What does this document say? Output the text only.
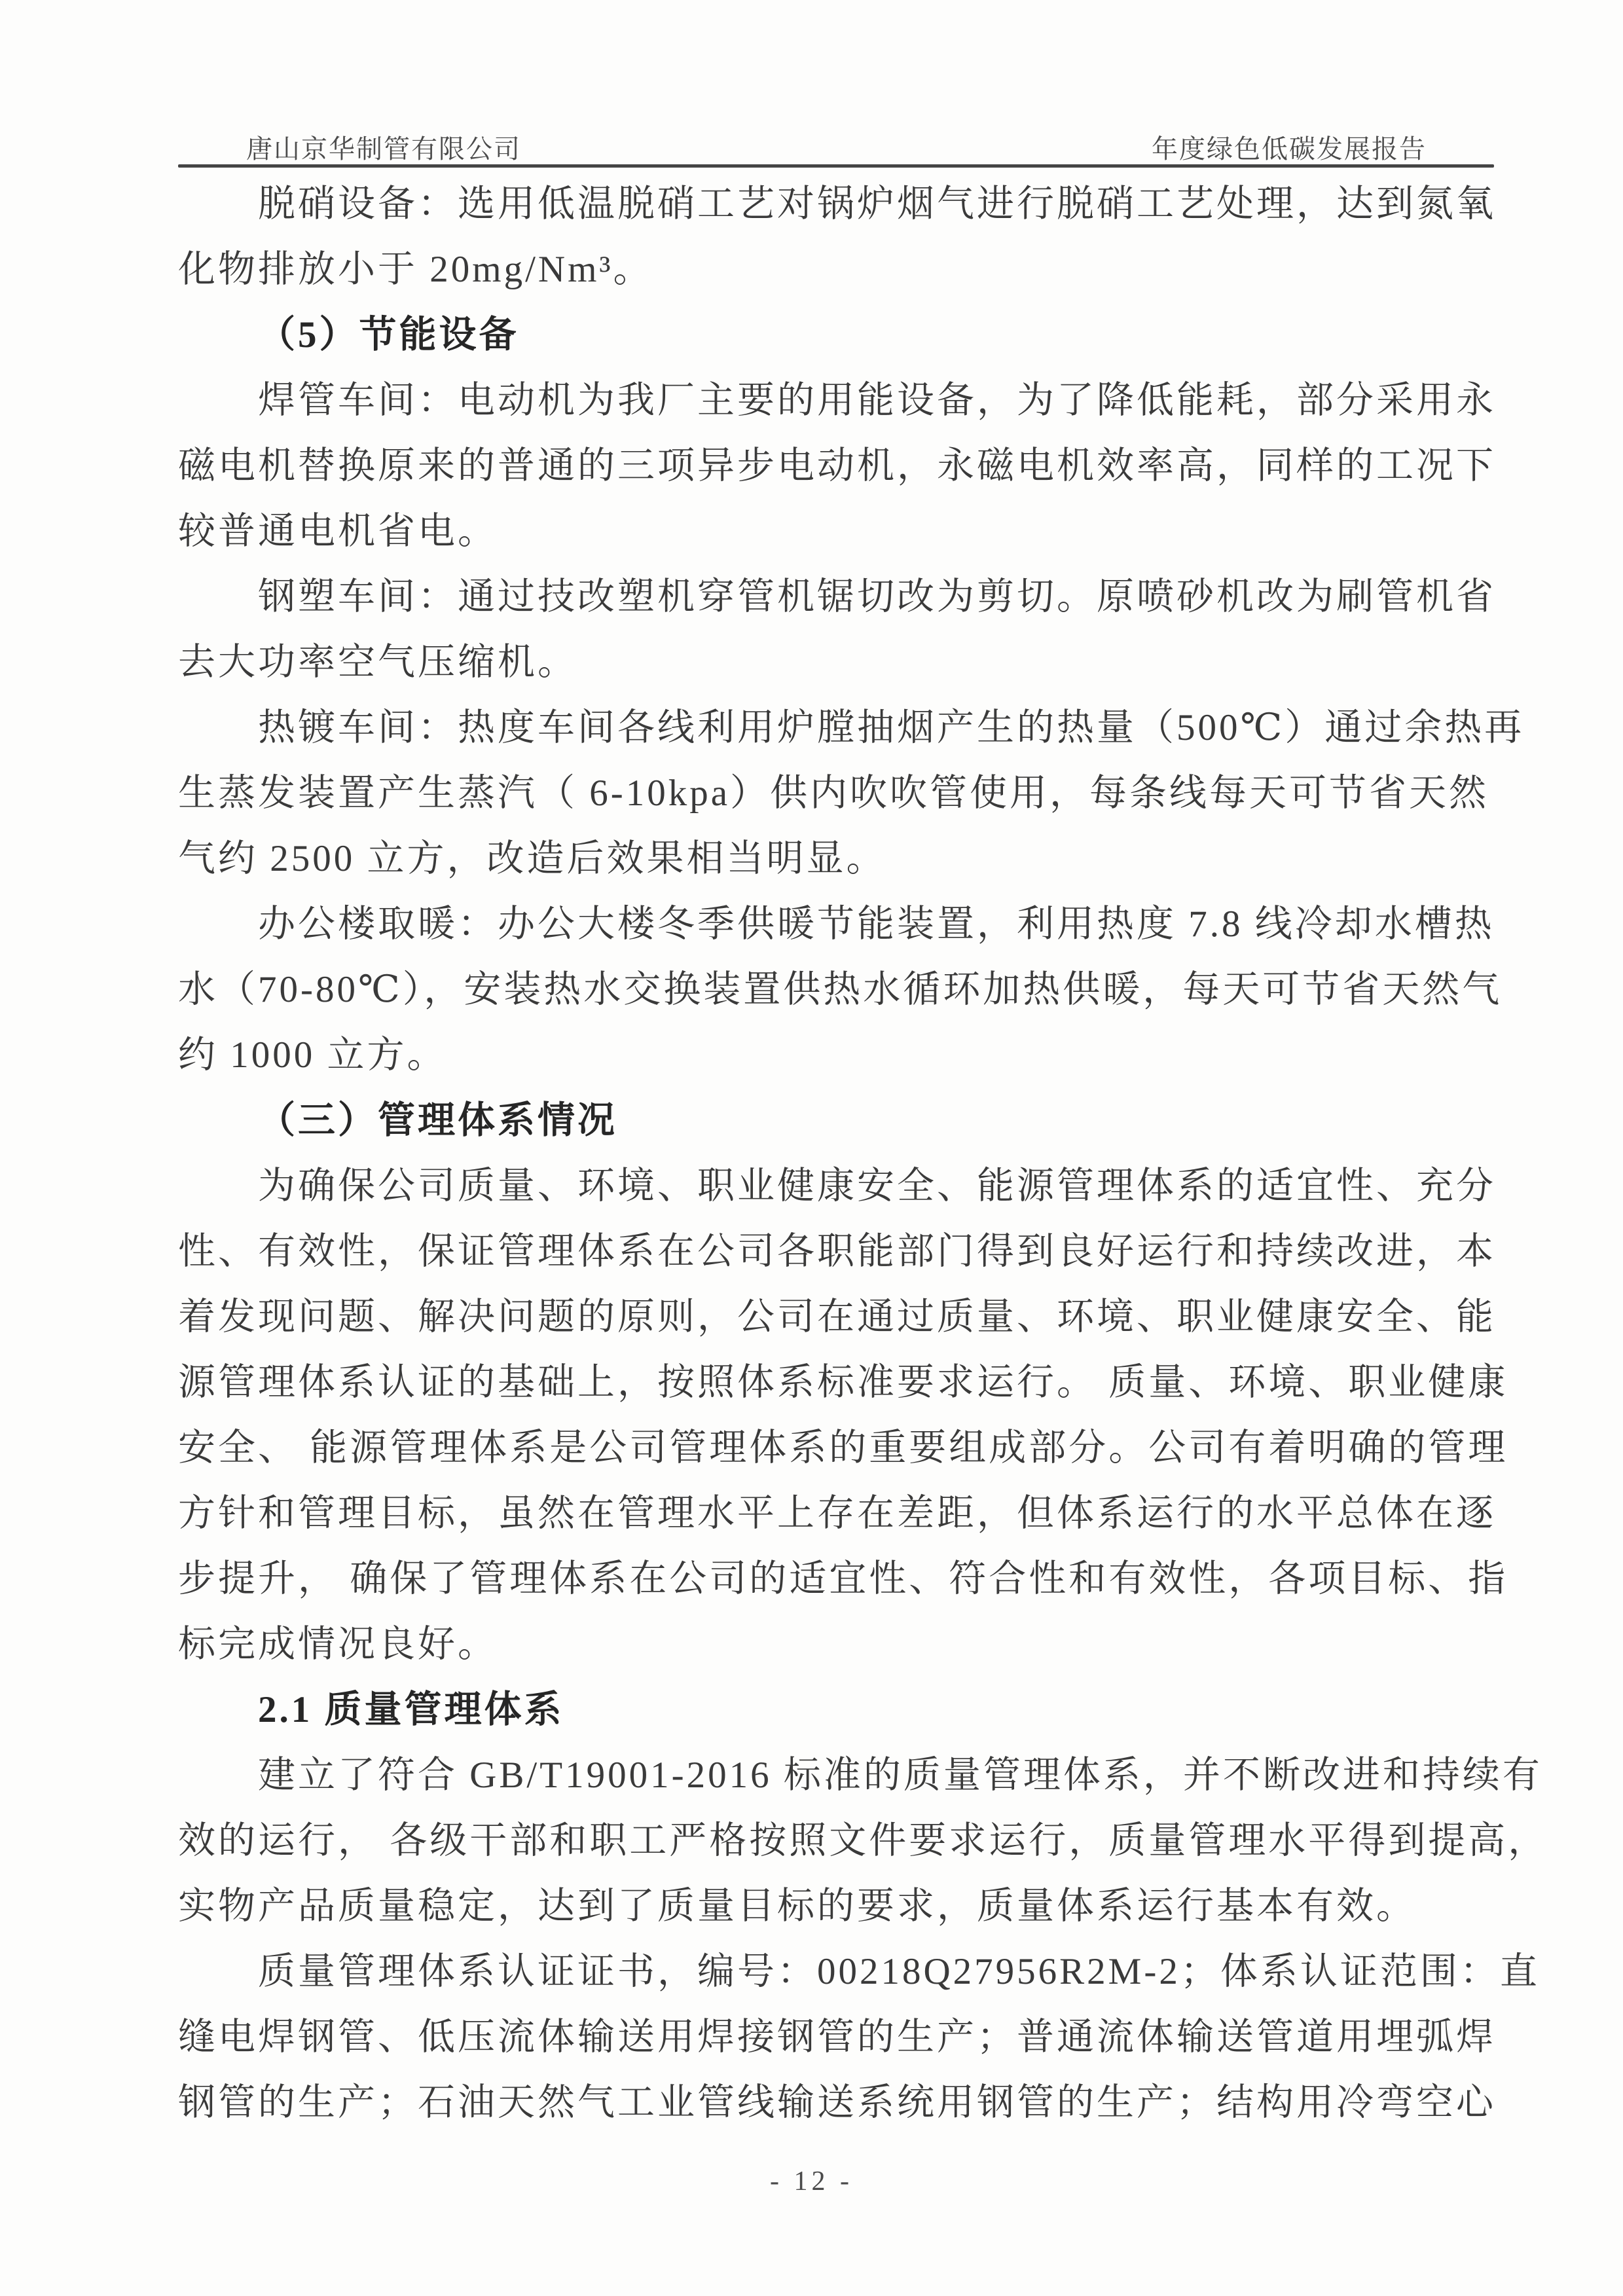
唐山京华制管有限公司	年度绿色低碳发展报告
脱硝设备：选用低温脱硝工艺对锅炉烟气进行脱硝工艺处理，达到氮氧
化物排放小于 20mg/Nm³。
（5）节能设备
焊管车间：电动机为我厂主要的用能设备，为了降低能耗，部分采用永
磁电机替换原来的普通的三项异步电动机，永磁电机效率高，同样的工况下
较普通电机省电。
钢塑车间：通过技改塑机穿管机锯切改为剪切。原喷砂机改为刷管机省
去大功率空气压缩机。
热镀车间：热度车间各线利用炉膛抽烟产生的热量（500℃）通过余热再
生蒸发装置产生蒸汽（ 6-10kpa）供内吹吹管使用，每条线每天可节省天然
气约 2500 立方，改造后效果相当明显。
办公楼取暖：办公大楼冬季供暖节能装置，利用热度 7.8 线冷却水槽热
水（70-80℃），安装热水交换装置供热水循环加热供暖，每天可节省天然气
约 1000 立方。
（三）管理体系情况
为确保公司质量、环境、职业健康安全、能源管理体系的适宜性、充分
性、有效性，保证管理体系在公司各职能部门得到良好运行和持续改进，本
着发现问题、解决问题的原则，公司在通过质量、环境、职业健康安全、能
源管理体系认证的基础上，按照体系标准要求运行。 质量、环境、职业健康
安全、 能源管理体系是公司管理体系的重要组成部分。公司有着明确的管理
方针和管理目标，虽然在管理水平上存在差距，但体系运行的水平总体在逐
步提升， 确保了管理体系在公司的适宜性、符合性和有效性，各项目标、指
标完成情况良好。
2.1 质量管理体系
建立了符合 GB/T19001-2016 标准的质量管理体系，并不断改进和持续有
效的运行， 各级干部和职工严格按照文件要求运行，质量管理水平得到提高，
实物产品质量稳定，达到了质量目标的要求，质量体系运行基本有效。
质量管理体系认证证书，编号：00218Q27956R2M-2；体系认证范围：直
缝电焊钢管、低压流体输送用焊接钢管的生产；普通流体输送管道用埋弧焊
钢管的生产；石油天然气工业管线输送系统用钢管的生产；结构用冷弯空心
- 12 -
